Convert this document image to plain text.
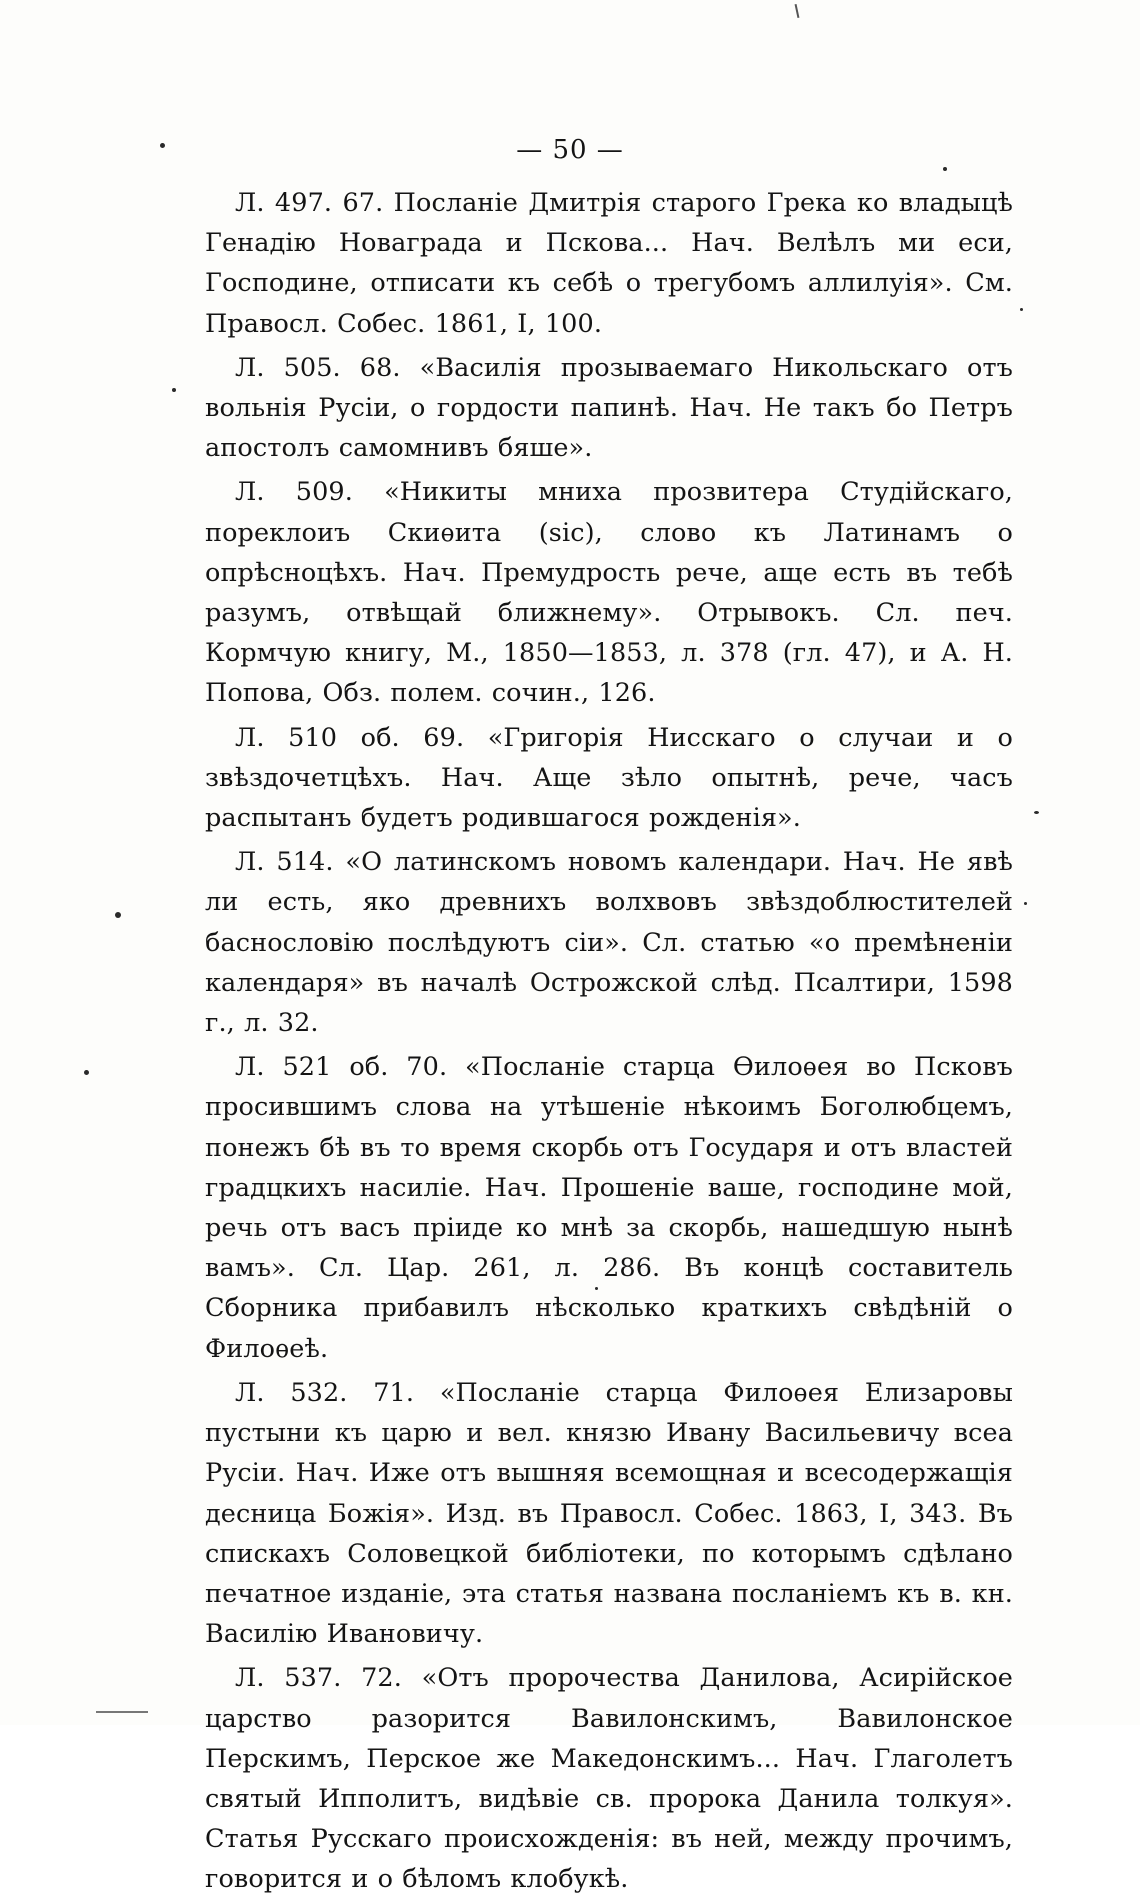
— 50 —

Л. 497. 67. Посланіе Дмитрія старого Грека ко владыцѣ Генадію Новаграда и Пскова... Нач. Велѣлъ ми еси, Господине, отписати къ себѣ о трегубомъ аллилуія». См. Правосл. Собес. 1861, I, 100.

Л. 505. 68. «Василія прозываемаго Никольскаго отъ вольнія Русіи, о гордости папинѣ. Нач. Не такъ бо Петръ апостолъ самомнивъ бяше».

Л. 509. «Никиты мниха прозвитера Студійскаго, пореклоиъ Скиѳита (sic), слово къ Латинамъ о опрѣсноцѣхъ. Нач. Премудрость рече, аще есть въ тебѣ разумъ, отвѣщай ближнему». Отрывокъ. Сл. печ. Кормчую книгу, М., 1850—1853, л. 378 (гл. 47), и А. Н. Попова, Обз. полем. сочин., 126.

Л. 510 об. 69. «Григорія Нисскаго о случаи и о звѣздочетцѣхъ. Нач. Аще зѣло опытнѣ, рече, часъ распытанъ будетъ родившагося рожденія».

Л. 514. «О латинскомъ новомъ календари. Нач. Не явѣ ли есть, яко древнихъ волхвовъ звѣздоблюстителей баснословію послѣдуютъ сіи». Сл. статью «о премѣненіи календаря» въ началѣ Острожской слѣд. Псалтири, 1598 г., л. 32.

Л. 521 об. 70. «Посланіе старца Ѳилоѳея во Псковъ просившимъ слова на утѣшеніе нѣкоимъ Боголюбцемъ, понежъ бѣ въ то время скорбь отъ Государя и отъ властей градцкихъ насиліе. Нач. Прошеніе ваше, господине мой, речь отъ васъ пріиде ко мнѣ за скорбь, нашедшую нынѣ вамъ». Сл. Цар. 261, л. 286. Въ концѣ составитель Сборника прибавилъ нѣсколько краткихъ свѣдѣній о Филоѳеѣ.

Л. 532. 71. «Посланіе старца Филоѳея Елизаровы пустыни къ царю и вел. князю Ивану Васильевичу всеа Русіи. Нач. Иже отъ вышняя всемощная и всесодержащія десница Божія». Изд. въ Правосл. Собес. 1863, I, 343. Въ спискахъ Соловецкой библіотеки, по которымъ сдѣлано печатное изданіе, эта статья названа посланіемъ къ в. кн. Василію Ивановичу.

Л. 537. 72. «Отъ пророчества Данилова, Асирійское царство разорится Вавилонскимъ, Вавилонское Перскимъ, Перское же Македонскимъ... Нач. Глаголетъ святый Ипполитъ, видѣвіе св. пророка Данила толкуя». Статья Русскаго происхожденія: въ ней, между прочимъ, говорится и о бѣломъ клобукѣ.
